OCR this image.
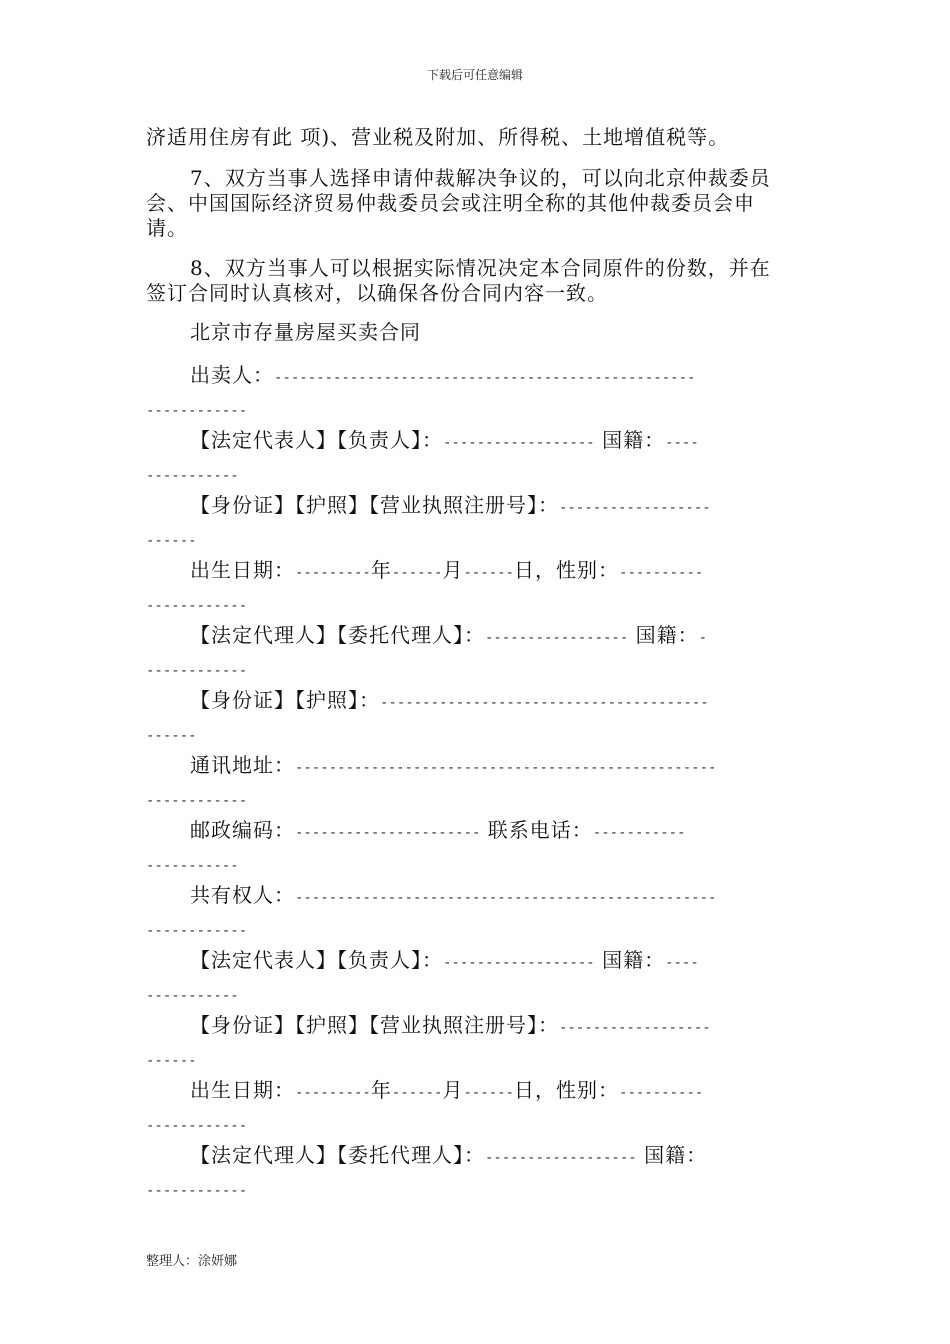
下载后可任意编辑
济适用住房有此 项)、营业税及附加、所得税、土地增值税等。
7、双方当事人选择申请仲裁解决争议的，可以向北京仲裁委员
会、中国国际经济贸易仲裁委员会或注明全称的其他仲裁委员会申
请。
8、双方当事人可以根据实际情况决定本合同原件的份数，并在
签订合同时认真核对，以确保各份合同内容一致。
北京市存量房屋买卖合同
出卖人：--------------------------------------------------
------------
【法定代表人】【负责人】：------------------ 国籍：----
-----------
【身份证】【护照】【营业执照注册号】：------------------
------
出生日期：---------年------月------日，性别：----------
------------
【法定代理人】【委托代理人】：----------------- 国籍：-
------------
【身份证】【护照】：---------------------------------------
------
通讯地址：--------------------------------------------------
------------
邮政编码：---------------------- 联系电话：-----------
-----------
共有权人：--------------------------------------------------
------------
【法定代表人】【负责人】：------------------ 国籍：----
-----------
【身份证】【护照】【营业执照注册号】：------------------
------
出生日期：---------年------月------日，性别：----------
------------
【法定代理人】【委托代理人】：------------------ 国籍：
------------
整理人：涂妍娜
